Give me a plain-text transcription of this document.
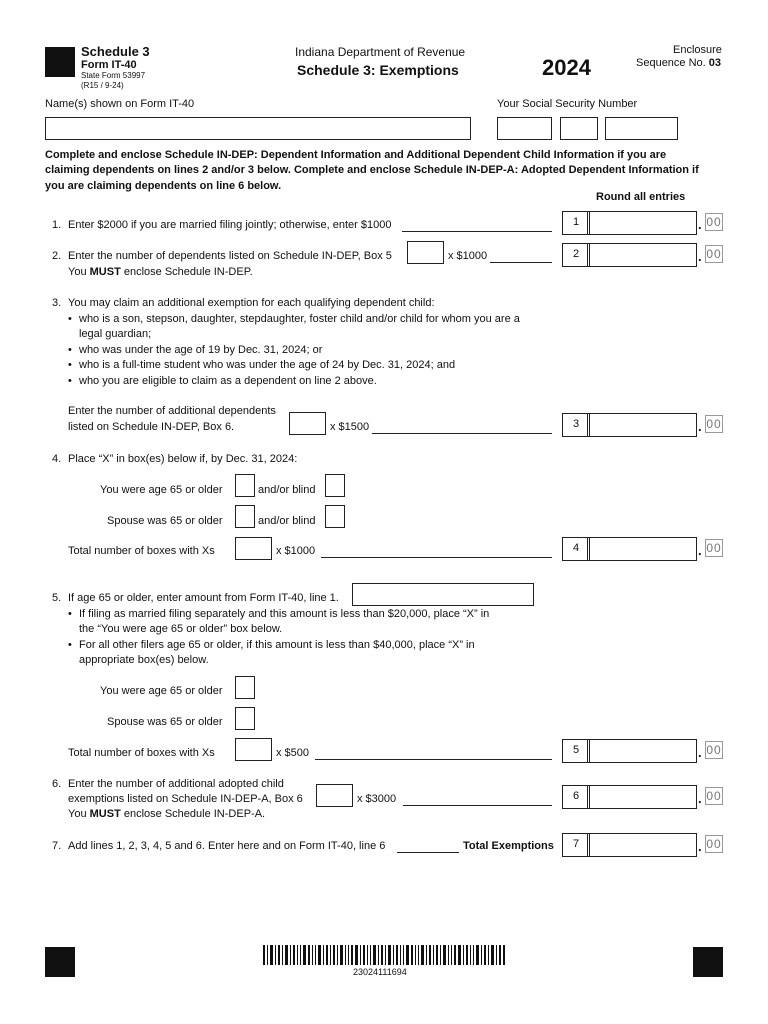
Schedule 3
Form IT-40
State Form 53997
(R15 / 9-24)
Indiana Department of Revenue
Schedule 3: Exemptions	2024
Enclosure
Sequence No. 03
Name(s) shown on Form IT-40	Your Social Security Number
Complete and enclose Schedule IN-DEP: Dependent Information and Additional Dependent Child Information if you are
claiming dependents on lines 2 and/or 3 below. Complete and enclose Schedule IN-DEP-A: Adopted Dependent Information if
you are claiming dependents on line 6 below.
Round all entries
1. Enter $2000 if you are married filing jointly; otherwise, enter $1000	1	. 00
2. Enter the number of dependents listed on Schedule IN-DEP, Box 5	x $1000
You MUST enclose Schedule IN-DEP.
2	. 00
3. You may claim an additional exemption for each qualifying dependent child:
• who is a son, stepson, daughter, stepdaughter, foster child and/or child for whom you are a
legal guardian;
• who was under the age of 19 by Dec. 31, 2024; or
• who is a full-time student who was under the age of 24 by Dec. 31, 2024; and
• who you are eligible to claim as a dependent on line 2 above.
Enter the number of additional dependents
listed on Schedule IN-DEP, Box 6.	x $1500	3	. 00
4. Place “X” in box(es) below if, by Dec. 31, 2024:
You were age 65 or older	and/or blind
Spouse was 65 or older	and/or blind
Total number of boxes with Xs	x $1000	4	. 00
5. If age 65 or older, enter amount from Form IT-40, line 1.
• If filing as married filing separately and this amount is less than $20,000, place “X” in
the “You were age 65 or older” box below.
• For all other filers age 65 or older, if this amount is less than $40,000, place “X” in
appropriate box(es) below.
You were age 65 or older
Spouse was 65 or older
Total number of boxes with Xs	x $500	5	. 00
6. Enter the number of additional adopted child
exemptions listed on Schedule IN-DEP-A, Box 6	x $3000
You MUST enclose Schedule IN-DEP-A.
6	. 00
7. Add lines 1, 2, 3, 4, 5 and 6. Enter here and on Form IT-40, line 6	Total Exemptions	7	. 00
23024111694
